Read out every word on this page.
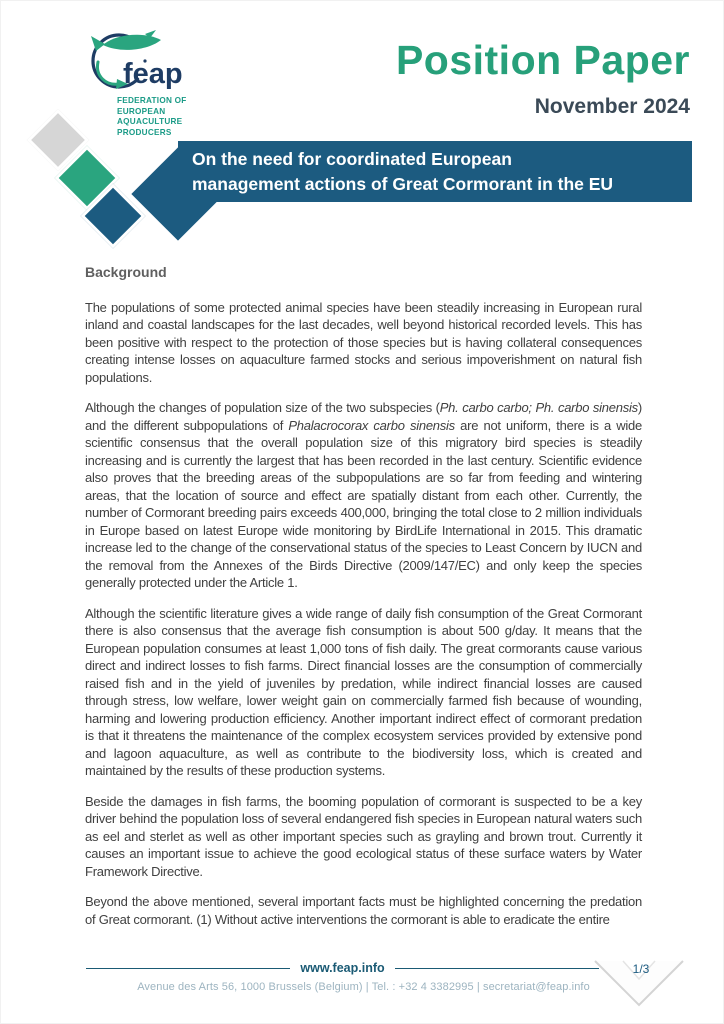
feap
FEDERATION OF
EUROPEAN
AQUACULTURE
PRODUCERS
Position Paper
November 2024
On the need for coordinated European
management actions of Great Cormorant in the EU
Background

The populations of some protected animal species have been steadily increasing in European rural inland and coastal landscapes for the last decades, well beyond historical recorded levels. This has been positive with respect to the protection of those species but is having collateral consequences creating intense losses on aquaculture farmed stocks and serious impoverishment on natural fish populations.

Although the changes of population size of the two subspecies (Ph. carbo carbo; Ph. carbo sinensis) and the different subpopulations of Phalacrocorax carbo sinensis are not uniform, there is a wide scientific consensus that the overall population size of this migratory bird species is steadily increasing and is currently the largest that has been recorded in the last century. Scientific evidence also proves that the breeding areas of the subpopulations are so far from feeding and wintering areas, that the location of source and effect are spatially distant from each other. Currently, the number of Cormorant breeding pairs exceeds 400,000, bringing the total close to 2 million individuals in Europe based on latest Europe wide monitoring by BirdLife International in 2015. This dramatic increase led to the change of the conservational status of the species to Least Concern by IUCN and the removal from the Annexes of the Birds Directive (2009/147/EC) and only keep the species generally protected under the Article 1.

Although the scientific literature gives a wide range of daily fish consumption of the Great Cormorant there is also consensus that the average fish consumption is about 500 g/day. It means that the European population consumes at least 1,000 tons of fish daily. The great cormorants cause various direct and indirect losses to fish farms. Direct financial losses are the consumption of commercially raised fish and in the yield of juveniles by predation, while indirect financial losses are caused through stress, low welfare, lower weight gain on commercially farmed fish because of wounding, harming and lowering production efficiency. Another important indirect effect of cormorant predation is that it threatens the maintenance of the complex ecosystem services provided by extensive pond and lagoon aquaculture, as well as contribute to the biodiversity loss, which is created and maintained by the results of these production systems.

Beside the damages in fish farms, the booming population of cormorant is suspected to be a key driver behind the population loss of several endangered fish species in European natural waters such as eel and sterlet as well as other important species such as grayling and brown trout. Currently it causes an important issue to achieve the good ecological status of these surface waters by Water Framework Directive.

Beyond the above mentioned, several important facts must be highlighted concerning the predation of Great cormorant. (1) Without active interventions the cormorant is able to eradicate the entire

www.feap.info	1/3
Avenue des Arts 56, 1000 Brussels (Belgium) | Tel. : +32 4 3382995 | secretariat@feap.info
